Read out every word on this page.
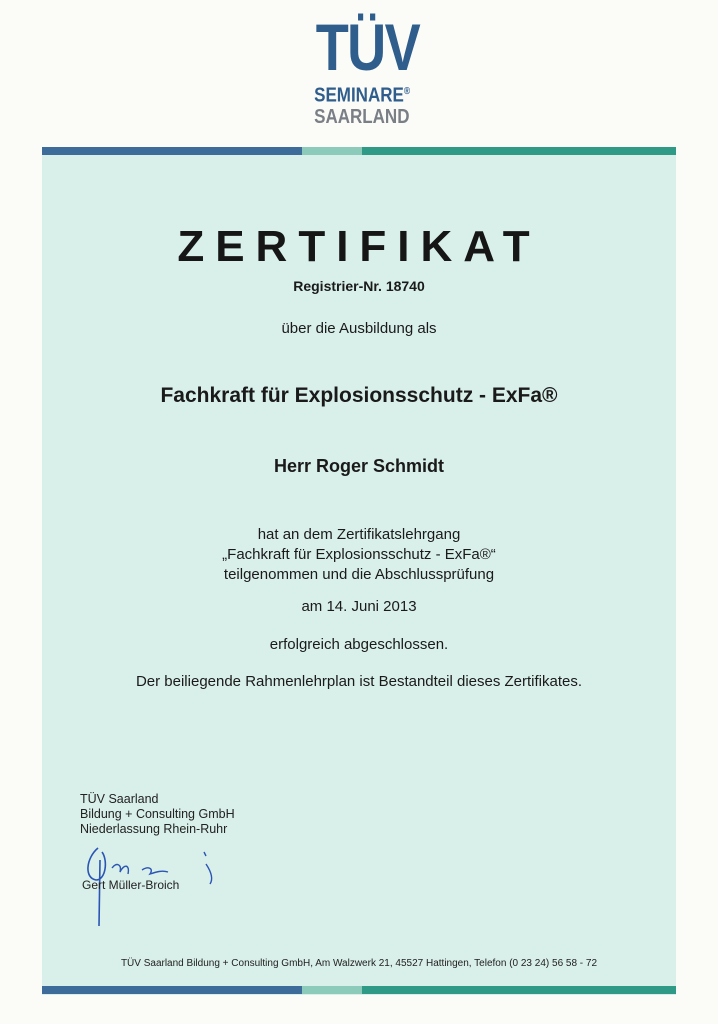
TÜV
SEMINARE®
SAARLAND
ZERTIFIKAT
Registrier-Nr. 18740
über die Ausbildung als
Fachkraft für Explosionsschutz - ExFa®
Herr Roger Schmidt
hat an dem Zertifikatslehrgang
„Fachkraft für Explosionsschutz - ExFa®“
teilgenommen und die Abschlussprüfung
am 14. Juni 2013
erfolgreich abgeschlossen.
Der beiliegende Rahmenlehrplan ist Bestandteil dieses Zertifikates.
TÜV Saarland
Bildung + Consulting GmbH
Niederlassung Rhein-Ruhr
Gert Müller-Broich
TÜV Saarland Bildung + Consulting GmbH, Am Walzwerk 21, 45527 Hattingen, Telefon (0 23 24) 56 58 - 72
